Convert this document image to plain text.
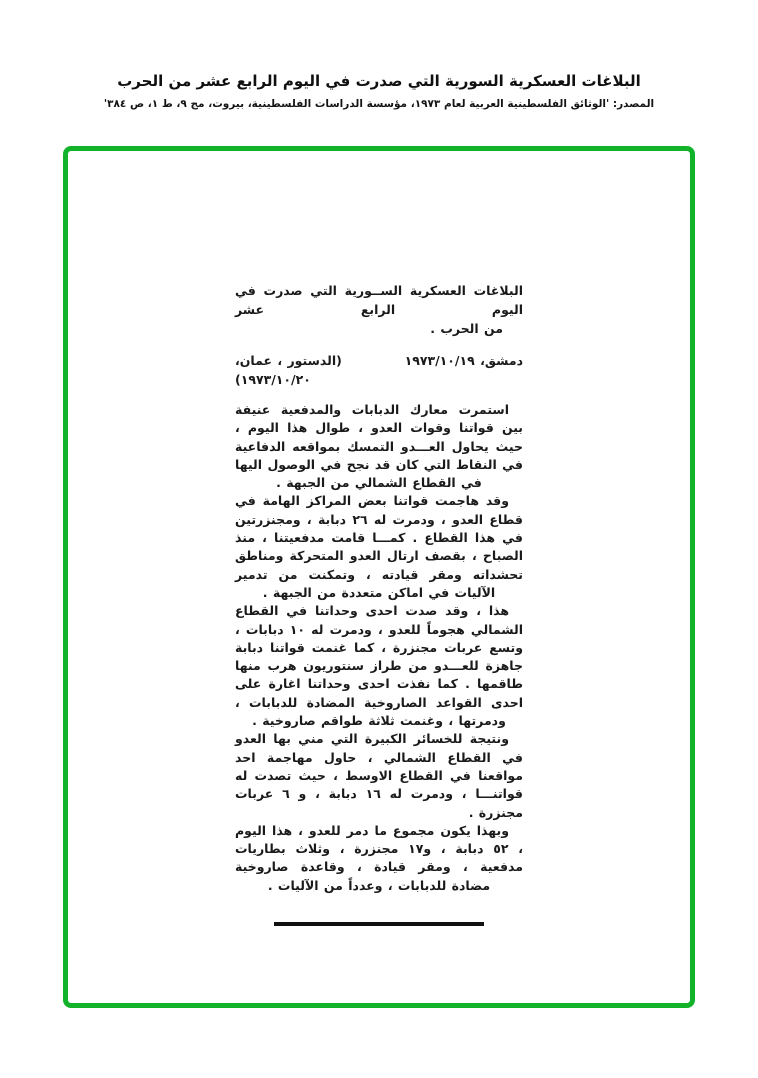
البلاغات العسكرية السورية التي صدرت في اليوم الرابع عشر من الحرب
المصدر: 'الوثائق الفلسطينية العربية لعام ١٩٧٣، مؤسسة الدراسات الفلسطينية، بيروت، مج ٩، ط ١، ص ٣٨٤'
البلاغات العسكرية الســورية التي صدرت في اليوم الرابع عشر
من الحرب .
دمشق، ١٩٧٣/١٠/١٩
(الدستور ، عمان، ١٩٧٣/١٠/٢٠)

استمرت معارك الدبابات والمدفعية عنيفة بين قواتنا وقوات العدو ، طوال هذا اليوم ، حيث يحاول العـــدو التمسك بمواقعه الدفاعية في النقاط التي كان قد نجح في الوصول اليها في القطاع الشمالي من الجبهة .

وقد هاجمت قواتنا بعض المراكز الهامة في قطاع العدو ، ودمرت له ٢٦ دبابة ، ومجنزرتين في هذا القطاع . كمـــا قامت مدفعيتنا ، منذ الصباح ، بقصف ارتال العدو المتحركة ومناطق تحشداته ومقر قيادته ، وتمكنت من تدمير الآليات في اماكن متعددة من الجبهة .

هذا ، وقد صدت احدى وحداتنا في القطاع الشمالي هجوماً للعدو ، ودمرت له ١٠ دبابات ، وتسع عربات مجنزرة ، كما غنمت قواتنا دبابة جاهزة للعـــدو من طراز سنتوريون هرب منها طاقمها . كما نفذت احدى وحداتنا اغارة على احدى القواعد الصاروخية المضادة للدبابات ، ودمرتها ، وغنمت ثلاثة طواقم صاروخية .

ونتيجة للخسائر الكبيرة التي مني بها العدو في القطاع الشمالي ، حاول مهاجمة احد مواقعنا في القطاع الاوسط ، حيث تصدت له قواتنـــا ، ودمرت له ١٦ دبابة ، و ٦ عربات مجنزرة .

وبهذا يكون مجموع ما دمر للعدو ، هذا اليوم ، ٥٢ دبابة ، و١٧ مجنزرة ، وثلاث بطاريات مدفعية ، ومقر قيادة ، وقاعدة صاروخية مضادة للدبابات ، وعدداً من الآليات .
